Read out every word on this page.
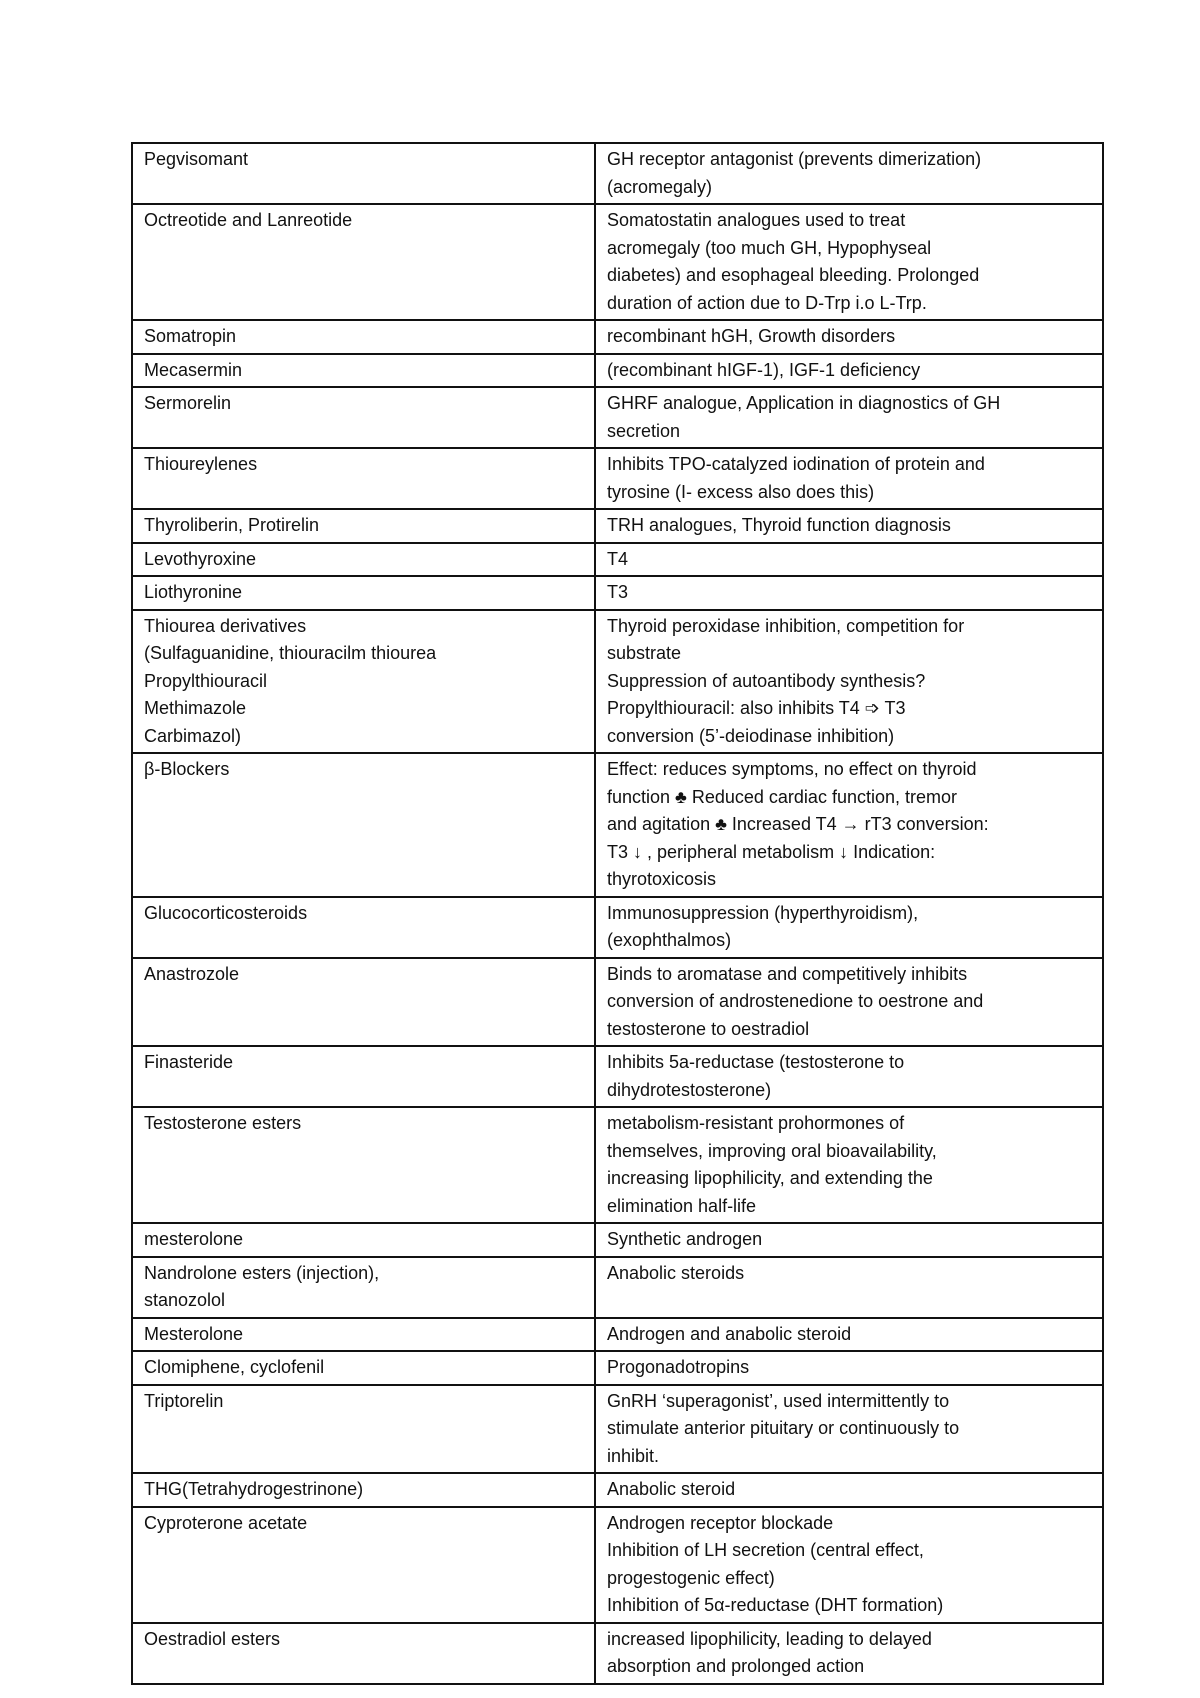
Pegvisomant	GH receptor antagonist (prevents dimerization)
(acromegaly)
Octreotide and Lanreotide	Somatostatin analogues used to treat
acromegaly (too much GH, Hypophyseal
diabetes) and esophageal bleeding. Prolonged
duration of action due to D-Trp i.o L-Trp.
Somatropin	recombinant hGH, Growth disorders
Mecasermin	(recombinant hIGF-1), IGF-1 deficiency
Sermorelin	GHRF analogue, Application in diagnostics of GH
secretion
Thioureylenes	Inhibits TPO-catalyzed iodination of protein and
tyrosine (I- excess also does this)
Thyroliberin, Protirelin	TRH analogues, Thyroid function diagnosis
Levothyroxine	T4
Liothyronine	T3
Thiourea derivatives
(Sulfaguanidine, thiouracilm thiourea
Propylthiouracil
Methimazole
Carbimazol)	Thyroid peroxidase inhibition, competition for
substrate
Suppression of autoantibody synthesis?
Propylthiouracil: also inhibits T4 ➩ T3
conversion (5’-deiodinase inhibition)
β-Blockers	Effect: reduces symptoms, no effect on thyroid
function ♣ Reduced cardiac function, tremor
and agitation ♣ Increased T4 → rT3 conversion:
T3 ↓ , peripheral metabolism ↓ Indication:
thyrotoxicosis
Glucocorticosteroids	Immunosuppression (hyperthyroidism),
(exophthalmos)
Anastrozole	Binds to aromatase and competitively inhibits
conversion of androstenedione to oestrone and
testosterone to oestradiol
Finasteride	Inhibits 5a-reductase (testosterone to
dihydrotestosterone)
Testosterone esters	metabolism-resistant prohormones of
themselves, improving oral bioavailability,
increasing lipophilicity, and extending the
elimination half-life
mesterolone	Synthetic androgen
Nandrolone esters (injection),
stanozolol	Anabolic steroids
Mesterolone	Androgen and anabolic steroid
Clomiphene, cyclofenil	Progonadotropins
Triptorelin	GnRH ‘superagonist’, used intermittently to
stimulate anterior pituitary or continuously to
inhibit.
THG(Tetrahydrogestrinone)	Anabolic steroid
Cyproterone acetate	Androgen receptor blockade
Inhibition of LH secretion (central effect,
progestogenic effect)
Inhibition of 5α-reductase (DHT formation)
Oestradiol esters	increased lipophilicity, leading to delayed
absorption and prolonged action
